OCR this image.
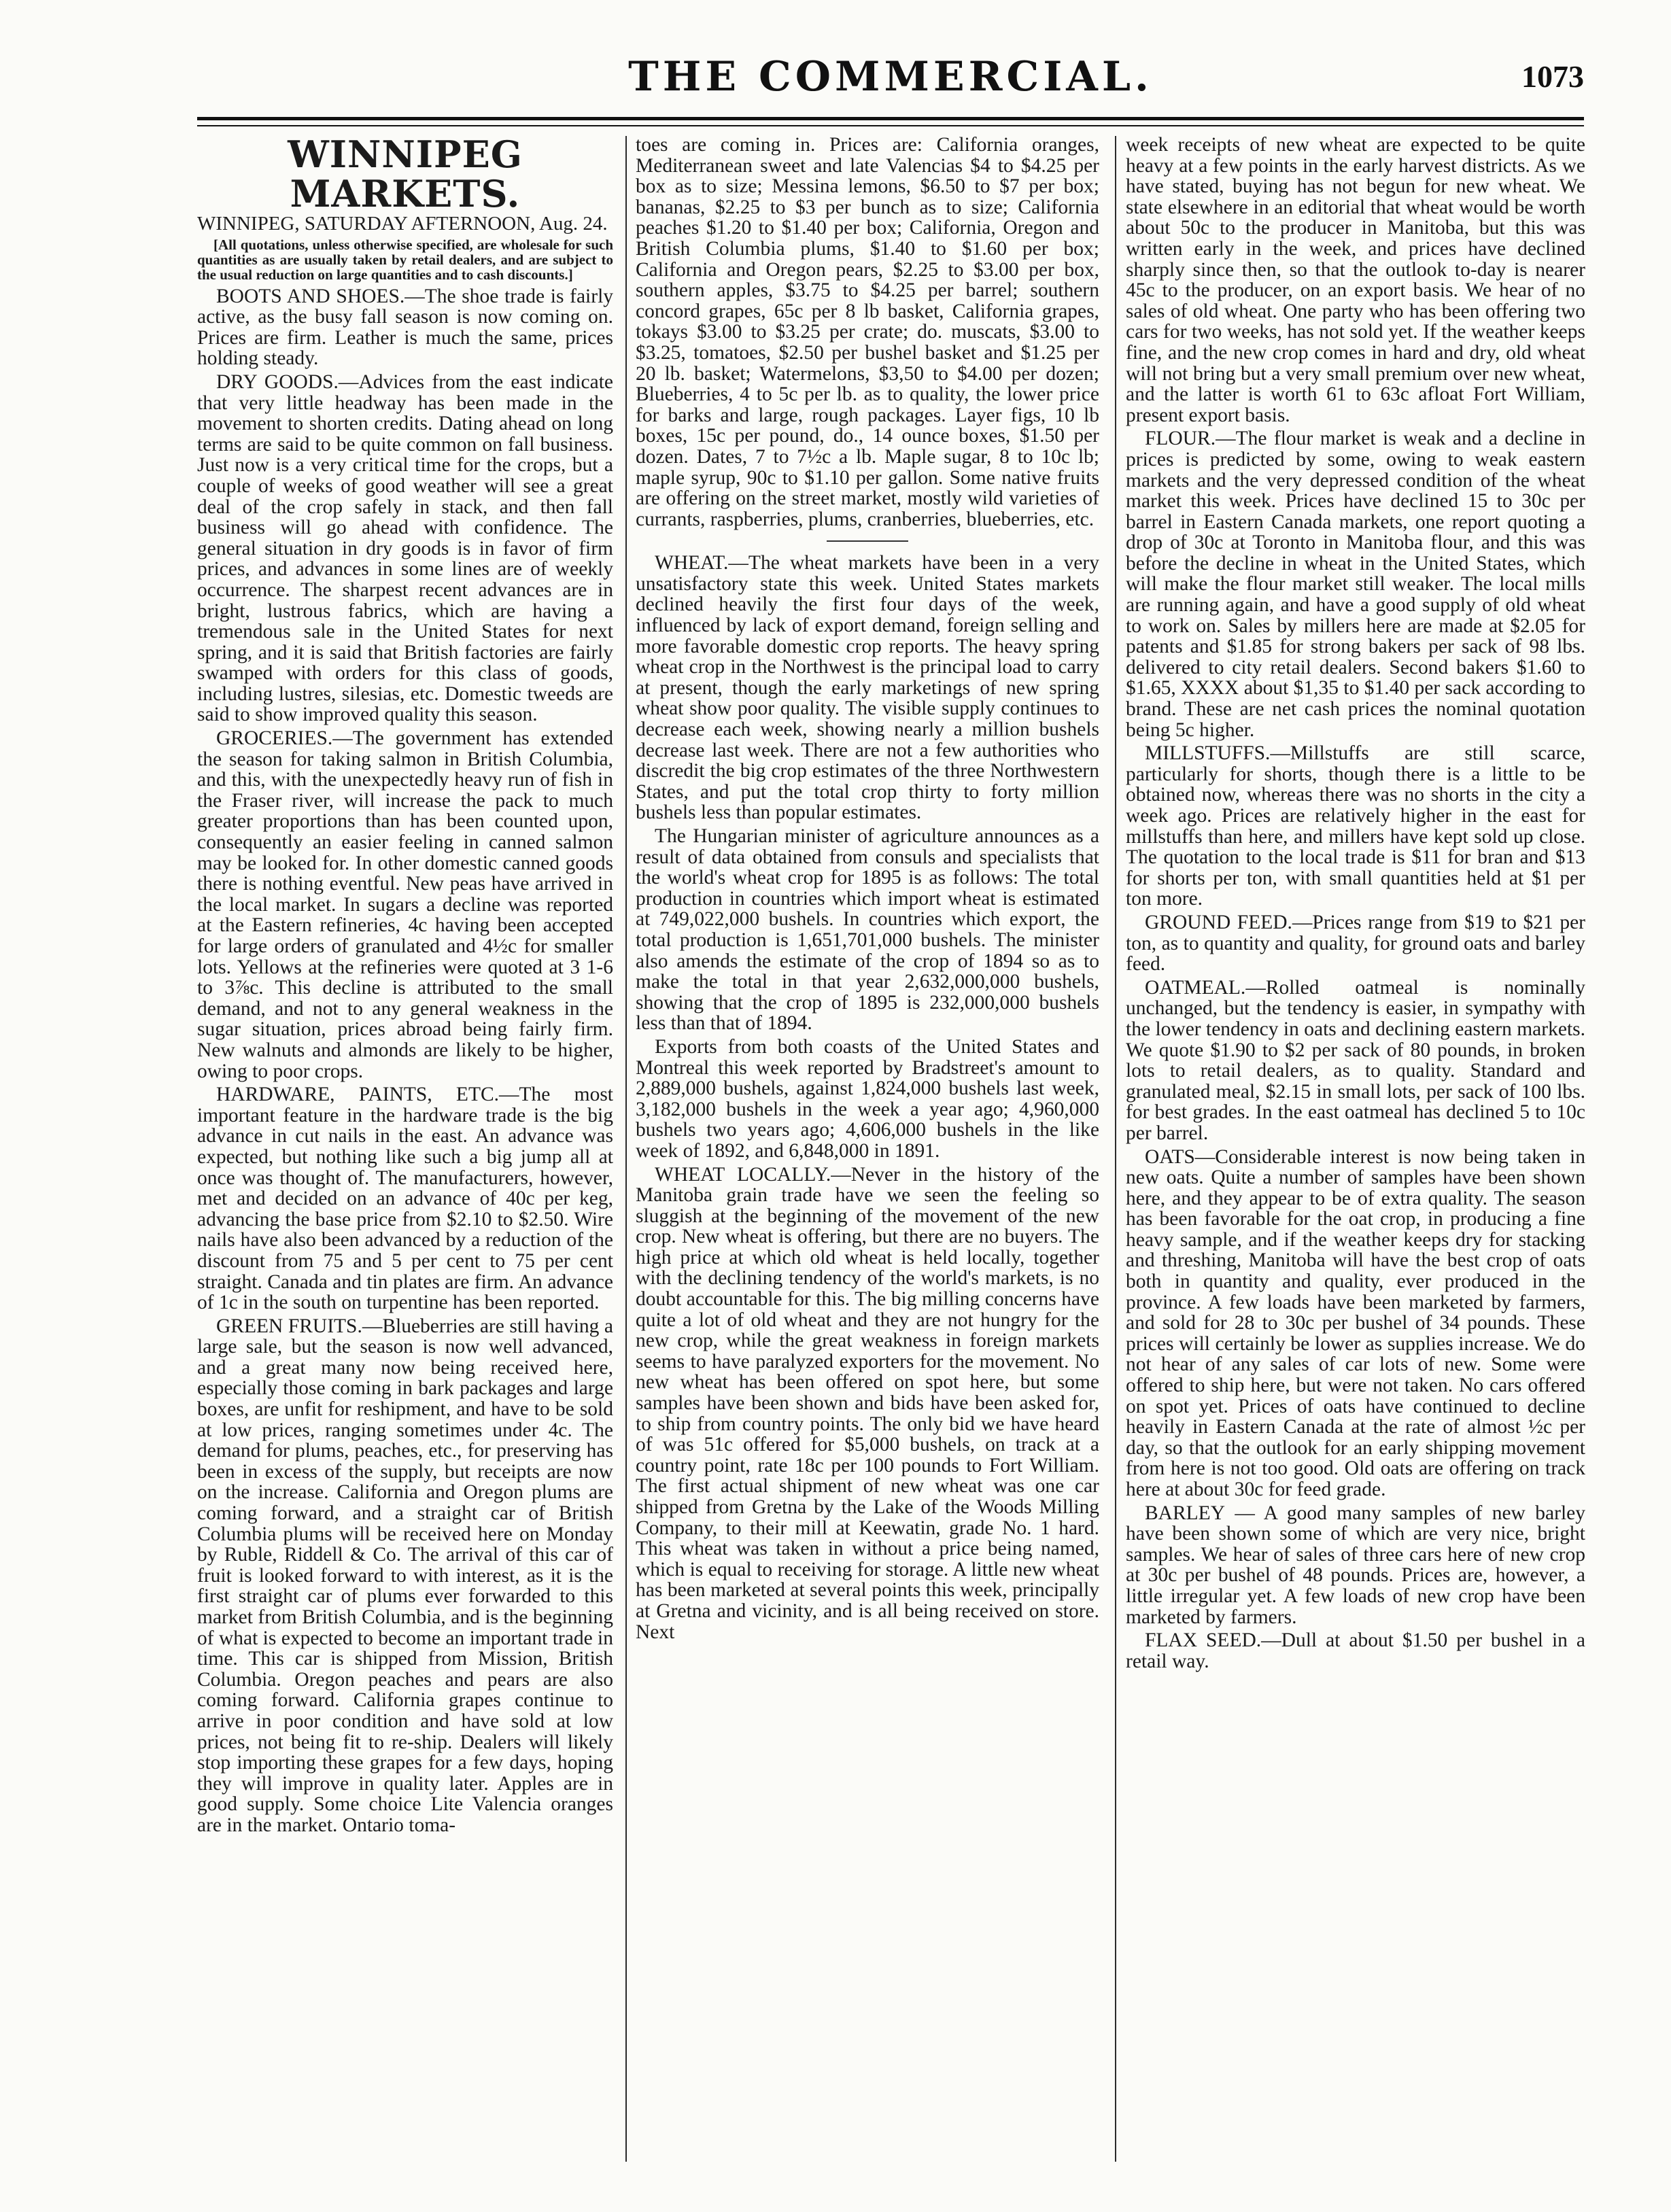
THE COMMERCIAL.	1073
WINNIPEG MARKETS.

WINNIPEG, SATURDAY AFTERNOON, Aug. 24.

[All quotations, unless otherwise specified, are wholesale for such quantities as are usually taken by retail dealers, and are subject to the usual reduction on large quantities and to cash discounts.]

BOOTS AND SHOES.—The shoe trade is fairly active, as the busy fall season is now coming on. Prices are firm. Leather is much the same, prices holding steady.

DRY GOODS.—Advices from the east indicate that very little headway has been made in the movement to shorten credits. Dating ahead on long terms are said to be quite common on fall business. Just now is a very critical time for the crops, but a couple of weeks of good weather will see a great deal of the crop safely in stack, and then fall business will go ahead with confidence. The general situation in dry goods is in favor of firm prices, and advances in some lines are of weekly occurrence. The sharpest recent advances are in bright, lustrous fabrics, which are having a tremendous sale in the United States for next spring, and it is said that British factories are fairly swamped with orders for this class of goods, including lustres, silesias, etc. Domestic tweeds are said to show improved quality this season.

GROCERIES.—The government has extended the season for taking salmon in British Columbia, and this, with the unexpectedly heavy run of fish in the Fraser river, will increase the pack to much greater proportions than has been counted upon, consequently an easier feeling in canned salmon may be looked for. In other domestic canned goods there is nothing eventful. New peas have arrived in the local market. In sugars a decline was reported at the Eastern refineries, 4c having been accepted for large orders of granulated and 4½c for smaller lots. Yellows at the refineries were quoted at 3 1-6 to 3⅞c. This decline is attributed to the small demand, and not to any general weakness in the sugar situation, prices abroad being fairly firm. New walnuts and almonds are likely to be higher, owing to poor crops.

HARDWARE, PAINTS, ETC.—The most important feature in the hardware trade is the big advance in cut nails in the east. An advance was expected, but nothing like such a big jump all at once was thought of. The manufacturers, however, met and decided on an advance of 40c per keg, advancing the base price from $2.10 to $2.50. Wire nails have also been advanced by a reduction of the discount from 75 and 5 per cent to 75 per cent straight. Canada and tin plates are firm. An advance of 1c in the south on turpentine has been reported.

GREEN FRUITS.—Blueberries are still having a large sale, but the season is now well advanced, and a great many now being received here, especially those coming in bark packages and large boxes, are unfit for reshipment, and have to be sold at low prices, ranging sometimes under 4c. The demand for plums, peaches, etc., for preserving has been in excess of the supply, but receipts are now on the increase. California and Oregon plums are coming forward, and a straight car of British Columbia plums will be received here on Monday by Ruble, Riddell & Co. The arrival of this car of fruit is looked forward to with interest, as it is the first straight car of plums ever forwarded to this market from British Columbia, and is the beginning of what is expected to become an important trade in time. This car is shipped from Mission, British Columbia. Oregon peaches and pears are also coming forward. California grapes continue to arrive in poor condition and have sold at low prices, not being fit to re-ship. Dealers will likely stop importing these grapes for a few days, hoping they will improve in quality later. Apples are in good supply. Some choice Lite Valencia oranges are in the market. Ontario toma-

toes are coming in. Prices are: California oranges, Mediterranean sweet and late Valencias $4 to $4.25 per box as to size; Messina lemons, $6.50 to $7 per box; bananas, $2.25 to $3 per bunch as to size; California peaches $1.20 to $1.40 per box; California, Oregon and British Columbia plums, $1.40 to $1.60 per box; California and Oregon pears, $2.25 to $3.00 per box, southern apples, $3.75 to $4.25 per barrel; southern concord grapes, 65c per 8 lb basket, California grapes, tokays $3.00 to $3.25 per crate; do. muscats, $3.00 to $3.25, tomatoes, $2.50 per bushel basket and $1.25 per 20 lb. basket; Watermelons, $3,50 to $4.00 per dozen; Blueberries, 4 to 5c per lb. as to quality, the lower price for barks and large, rough packages. Layer figs, 10 lb boxes, 15c per pound, do., 14 ounce boxes, $1.50 per dozen. Dates, 7 to 7½c a lb. Maple sugar, 8 to 10c lb; maple syrup, 90c to $1.10 per gallon. Some native fruits are offering on the street market, mostly wild varieties of currants, raspberries, plums, cranberries, blueberries, etc.

WHEAT.—The wheat markets have been in a very unsatisfactory state this week. United States markets declined heavily the first four days of the week, influenced by lack of export demand, foreign selling and more favorable domestic crop reports. The heavy spring wheat crop in the Northwest is the principal load to carry at present, though the early marketings of new spring wheat show poor quality. The visible supply continues to decrease each week, showing nearly a million bushels decrease last week. There are not a few authorities who discredit the big crop estimates of the three Northwestern States, and put the total crop thirty to forty million bushels less than popular estimates.

The Hungarian minister of agriculture announces as a result of data obtained from consuls and specialists that the world's wheat crop for 1895 is as follows: The total production in countries which import wheat is estimated at 749,022,000 bushels. In countries which export, the total production is 1,651,701,000 bushels. The minister also amends the estimate of the crop of 1894 so as to make the total in that year 2,632,000,000 bushels, showing that the crop of 1895 is 232,000,000 bushels less than that of 1894.

Exports from both coasts of the United States and Montreal this week reported by Bradstreet's amount to 2,889,000 bushels, against 1,824,000 bushels last week, 3,182,000 bushels in the week a year ago; 4,960,000 bushels two years ago; 4,606,000 bushels in the like week of 1892, and 6,848,000 in 1891.

WHEAT LOCALLY.—Never in the history of the Manitoba grain trade have we seen the feeling so sluggish at the beginning of the movement of the new crop. New wheat is offering, but there are no buyers. The high price at which old wheat is held locally, together with the declining tendency of the world's markets, is no doubt accountable for this. The big milling concerns have quite a lot of old wheat and they are not hungry for the new crop, while the great weakness in foreign markets seems to have paralyzed exporters for the movement. No new wheat has been offered on spot here, but some samples have been shown and bids have been asked for, to ship from country points. The only bid we have heard of was 51c offered for $5,000 bushels, on track at a country point, rate 18c per 100 pounds to Fort William. The first actual shipment of new wheat was one car shipped from Gretna by the Lake of the Woods Milling Company, to their mill at Keewatin, grade No. 1 hard. This wheat was taken in without a price being named, which is equal to receiving for storage. A little new wheat has been marketed at several points this week, principally at Gretna and vicinity, and is all being received on store. Next

week receipts of new wheat are expected to be quite heavy at a few points in the early harvest districts. As we have stated, buying has not begun for new wheat. We state elsewhere in an editorial that wheat would be worth about 50c to the producer in Manitoba, but this was written early in the week, and prices have declined sharply since then, so that the outlook to-day is nearer 45c to the producer, on an export basis. We hear of no sales of old wheat. One party who has been offering two cars for two weeks, has not sold yet. If the weather keeps fine, and the new crop comes in hard and dry, old wheat will not bring but a very small premium over new wheat, and the latter is worth 61 to 63c afloat Fort William, present export basis.

FLOUR.—The flour market is weak and a decline in prices is predicted by some, owing to weak eastern markets and the very depressed condition of the wheat market this week. Prices have declined 15 to 30c per barrel in Eastern Canada markets, one report quoting a drop of 30c at Toronto in Manitoba flour, and this was before the decline in wheat in the United States, which will make the flour market still weaker. The local mills are running again, and have a good supply of old wheat to work on. Sales by millers here are made at $2.05 for patents and $1.85 for strong bakers per sack of 98 lbs. delivered to city retail dealers. Second bakers $1.60 to $1.65, XXXX about $1,35 to $1.40 per sack according to brand. These are net cash prices the nominal quotation being 5c higher.

MILLSTUFFS.—Millstuffs are still scarce, particularly for shorts, though there is a little to be obtained now, whereas there was no shorts in the city a week ago. Prices are relatively higher in the east for millstuffs than here, and millers have kept sold up close. The quotation to the local trade is $11 for bran and $13 for shorts per ton, with small quantities held at $1 per ton more.

GROUND FEED.—Prices range from $19 to $21 per ton, as to quantity and quality, for ground oats and barley feed.

OATMEAL.—Rolled oatmeal is nominally unchanged, but the tendency is easier, in sympathy with the lower tendency in oats and declining eastern markets. We quote $1.90 to $2 per sack of 80 pounds, in broken lots to retail dealers, as to quality. Standard and granulated meal, $2.15 in small lots, per sack of 100 lbs. for best grades. In the east oatmeal has declined 5 to 10c per barrel.

OATS—Considerable interest is now being taken in new oats. Quite a number of samples have been shown here, and they appear to be of extra quality. The season has been favorable for the oat crop, in producing a fine heavy sample, and if the weather keeps dry for stacking and threshing, Manitoba will have the best crop of oats both in quantity and quality, ever produced in the province. A few loads have been marketed by farmers, and sold for 28 to 30c per bushel of 34 pounds. These prices will certainly be lower as supplies increase. We do not hear of any sales of car lots of new. Some were offered to ship here, but were not taken. No cars offered on spot yet. Prices of oats have continued to decline heavily in Eastern Canada at the rate of almost ½c per day, so that the outlook for an early shipping movement from here is not too good. Old oats are offering on track here at about 30c for feed grade.

BARLEY — A good many samples of new barley have been shown some of which are very nice, bright samples. We hear of sales of three cars here of new crop at 30c per bushel of 48 pounds. Prices are, however, a little irregular yet. A few loads of new crop have been marketed by farmers.

FLAX SEED.—Dull at about $1.50 per bushel in a retail way.
